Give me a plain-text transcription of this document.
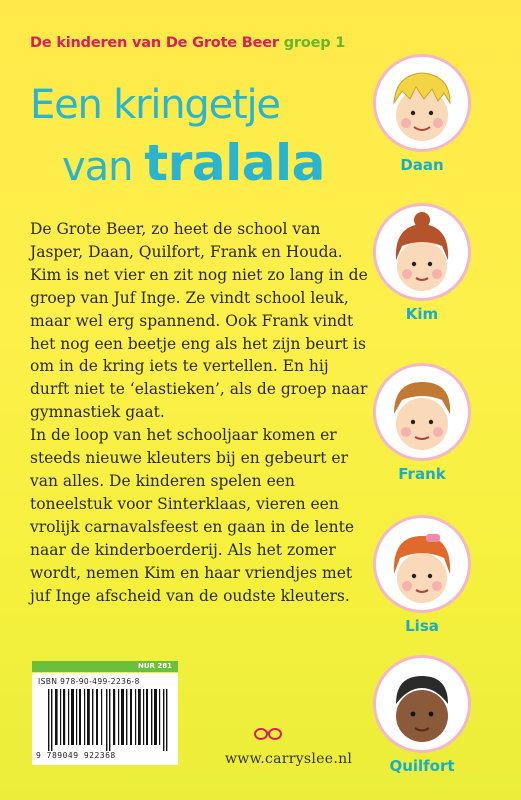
De kinderen van De Grote Beer groep 1
Een kringetje
van tralala

De Grote Beer, zo heet de school van Jasper, Daan, Quilfort, Frank en Houda. Kim is net vier en zit nog niet zo lang in de groep van Juf Inge. Ze vindt school leuk, maar wel erg spannend. Ook Frank vindt het nog een beetje eng als het zijn beurt is om in de kring iets te vertellen. En hij durft niet te ‘elastieken’, als de groep naar gymnastiek gaat.

In de loop van het schooljaar komen er steeds nieuwe kleuters bij en gebeurt er van alles. De kinderen spelen een toneelstuk voor Sinterklaas, vieren een vrolijk carnavalsfeest en gaan in de lente naar de kinderboerderij. Als het zomer wordt, nemen Kim en haar vriendjes met juf Inge afscheid van de oudste kleuters.

Daan
Kim
Frank
Lisa
Quilfort
NUR 281
ISBN 978-90-499-2236-8
9 789049 922368	www.carryslee.nl
